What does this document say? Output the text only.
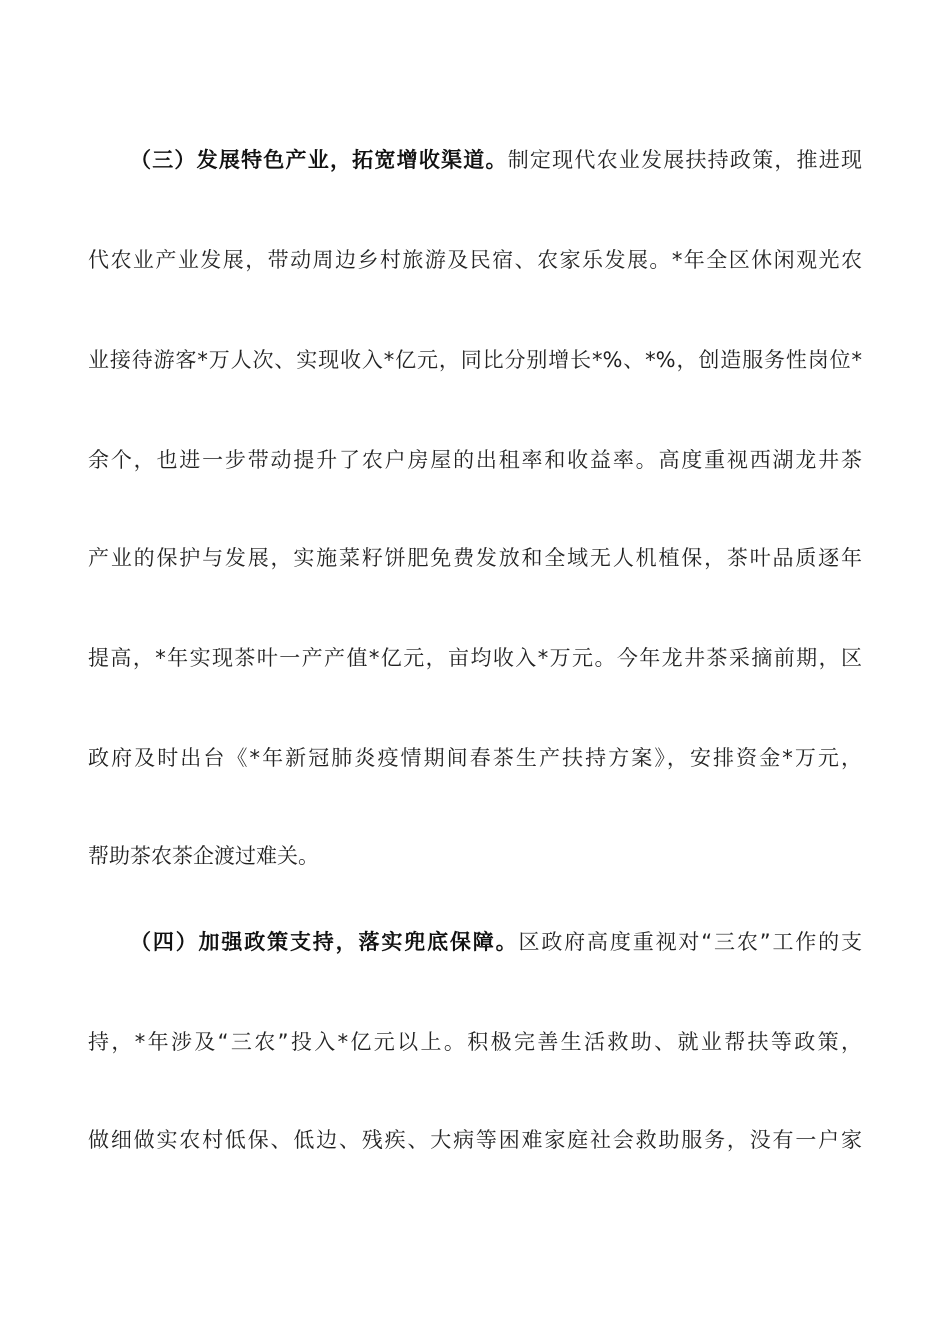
（三）发展特色产业，拓宽增收渠道。制定现代农业发展扶持政策，推进现
代农业产业发展，带动周边乡村旅游及民宿、农家乐发展。*年全区休闲观光农
业接待游客*万人次、实现收入*亿元，同比分别增长*%、*%，创造服务性岗位*
余个，也进一步带动提升了农户房屋的出租率和收益率。高度重视西湖龙井茶
产业的保护与发展，实施菜籽饼肥免费发放和全域无人机植保，茶叶品质逐年
提高，*年实现茶叶一产产值*亿元，亩均收入*万元。今年龙井茶采摘前期，区
政府及时出台《*年新冠肺炎疫情期间春茶生产扶持方案》，安排资金*万元，
帮助茶农茶企渡过难关。
（四）加强政策支持，落实兜底保障。区政府高度重视对“三农”工作的支
持，*年涉及“三农”投入*亿元以上。积极完善生活救助、就业帮扶等政策，
做细做实农村低保、低边、残疾、大病等困难家庭社会救助服务，没有一户家
